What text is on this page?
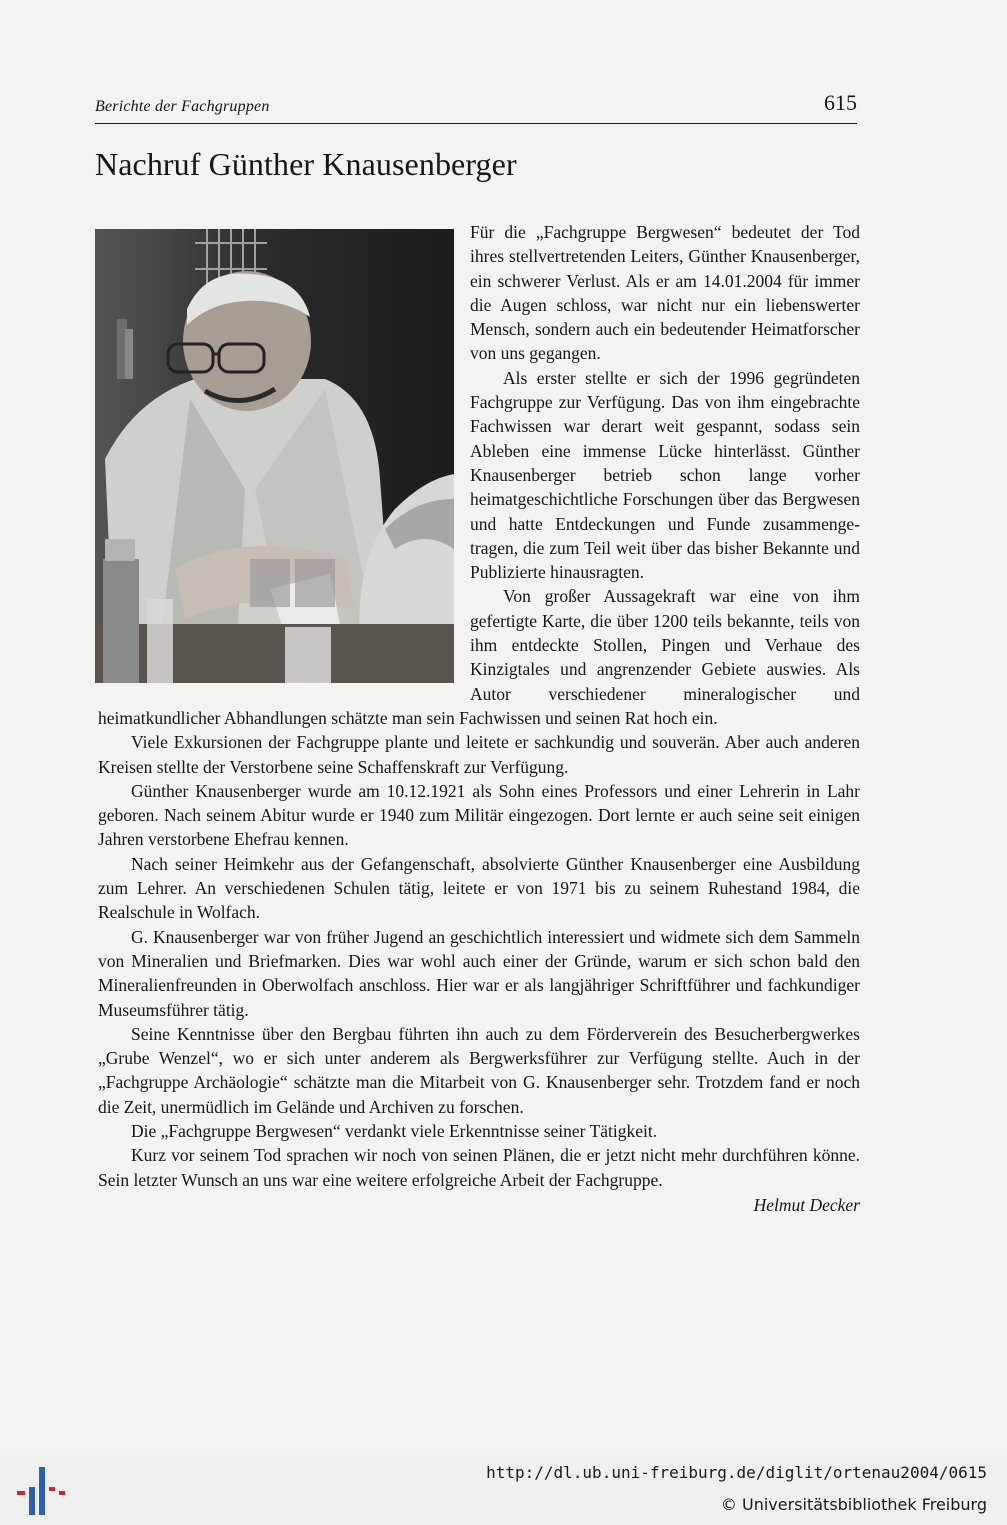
Berichte der Fachgruppen	615
Nachruf Günther Knausenberger

Für die „Fachgruppe Bergwesen“ bedeutet der Tod ihres stellvertretenden Leiters, Günther Knausenberger, ein schwerer Verlust. Als er am 14.01.2004 für immer die Augen schloss, war nicht nur ein liebenswerter Mensch, sondern auch ein bedeutender Heimatforscher von uns gegangen.

Als erster stellte er sich der 1996 gegründeten Fachgruppe zur Verfügung. Das von ihm eingebrachte Fachwissen war derart weit gespannt, sodass sein Ableben eine immense Lücke hinterlässt. Günther Knausenberger betrieb schon lange vorher heimatgeschichtliche Forschungen über das Bergwesen und hatte Entdeckungen und Funde zusammengetragen, die zum Teil weit über das bisher Bekannte und Publizierte hinausragten.

Von großer Aussagekraft war eine von ihm gefertigte Karte, die über 1200 teils bekannte, teils von ihm entdeckte Stollen, Pingen und Verhaue des Kinzigtales und angrenzender Gebiete auswies. Als Autor verschiedener mineralogischer und heimatkundlicher Abhandlungen schätzte man sein Fachwissen und seinen Rat hoch ein.

Viele Exkursionen der Fachgruppe plante und leitete er sachkundig und souverän. Aber auch anderen Kreisen stellte der Verstorbene seine Schaffenskraft zur Verfügung.

Günther Knausenberger wurde am 10.12.1921 als Sohn eines Professors und einer Lehrerin in Lahr geboren. Nach seinem Abitur wurde er 1940 zum Militär eingezogen. Dort lernte er auch seine seit einigen Jahren verstorbene Ehefrau kennen.

Nach seiner Heimkehr aus der Gefangenschaft, absolvierte Günther Knausenberger eine Ausbildung zum Lehrer. An verschiedenen Schulen tätig, leitete er von 1971 bis zu seinem Ruhestand 1984, die Realschule in Wolfach.

G. Knausenberger war von früher Jugend an geschichtlich interessiert und widmete sich dem Sammeln von Mineralien und Briefmarken. Dies war wohl auch einer der Gründe, warum er sich schon bald den Mineralienfreunden in Oberwolfach anschloss. Hier war er als langjähriger Schriftführer und fachkundiger Museumsführer tätig.

Seine Kenntnisse über den Bergbau führten ihn auch zu dem Förderverein des Besucherbergwerkes „Grube Wenzel“, wo er sich unter anderem als Bergwerksführer zur Verfügung stellte. Auch in der „Fachgruppe Archäologie“ schätzte man die Mitarbeit von G. Knausenberger sehr. Trotzdem fand er noch die Zeit, unermüdlich im Gelände und Archiven zu forschen.

Die „Fachgruppe Bergwesen“ verdankt viele Erkenntnisse seiner Tätigkeit.

Kurz vor seinem Tod sprachen wir noch von seinen Plänen, die er jetzt nicht mehr durchführen könne. Sein letzter Wunsch an uns war eine weitere erfolgreiche Arbeit der Fachgruppe.

Helmut Decker

http://dl.ub.uni-freiburg.de/diglit/ortenau2004/0615
© Universitätsbibliothek Freiburg
